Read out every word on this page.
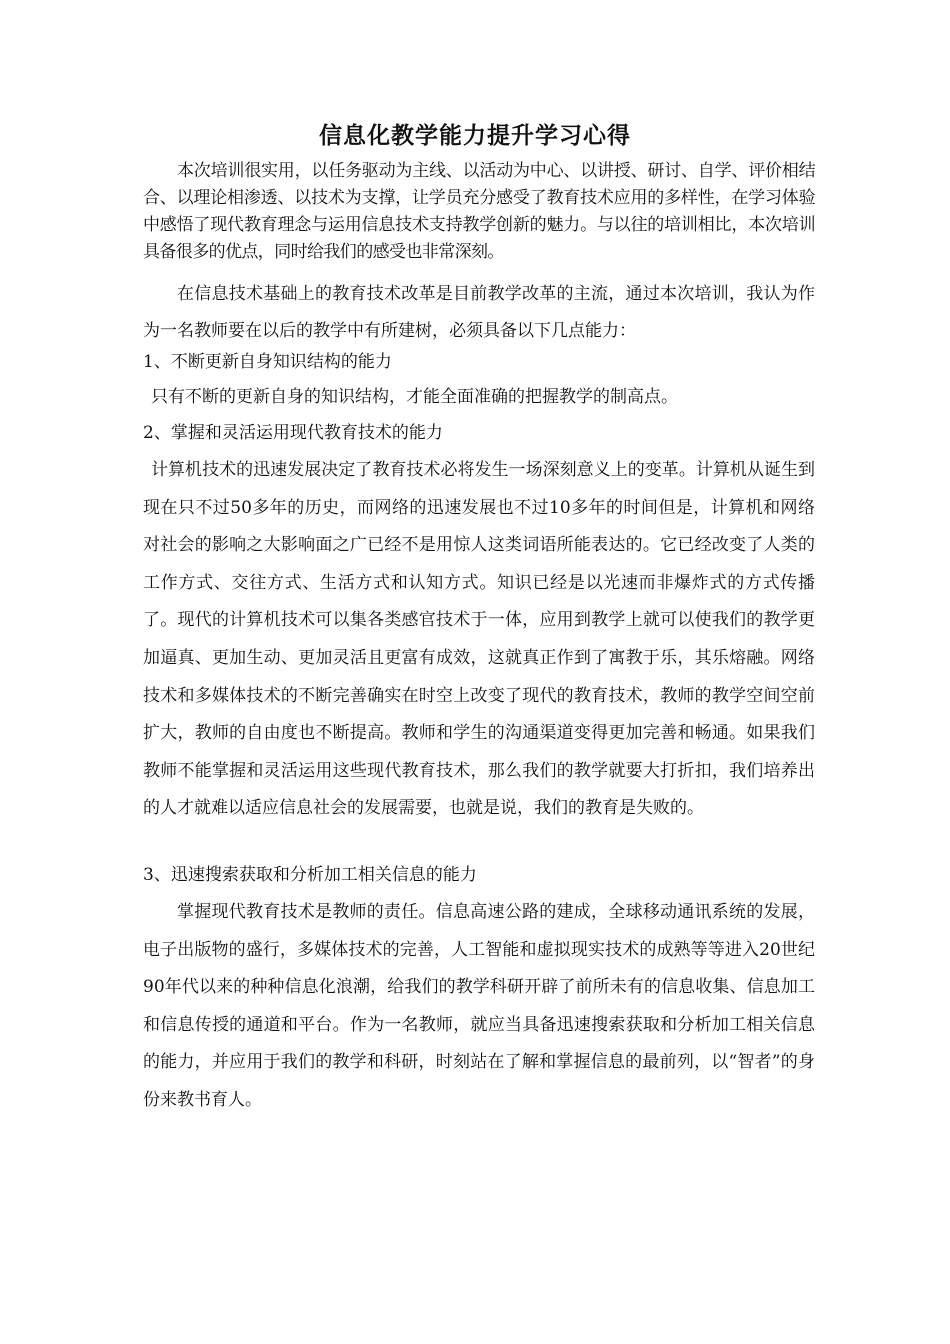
信息化教学能力提升学习心得
本次培训很实用，以任务驱动为主线、以活动为中心、以讲授、研讨、自学、评价相结合、以理论相渗透、以技术为支撑，让学员充分感受了教育技术应用的多样性，在学习体验中感悟了现代教育理念与运用信息技术支持教学创新的魅力。与以往的培训相比，本次培训具备很多的优点，同时给我们的感受也非常深刻。
在信息技术基础上的教育技术改革是目前教学改革的主流，通过本次培训，我认为作为一名教师要在以后的教学中有所建树，必须具备以下几点能力：
1、不断更新自身知识结构的能力
只有不断的更新自身的知识结构，才能全面准确的把握教学的制高点。
2、掌握和灵活运用现代教育技术的能力
计算机技术的迅速发展决定了教育技术必将发生一场深刻意义上的变革。计算机从诞生到现在只不过50多年的历史，而网络的迅速发展也不过10多年的时间但是，计算机和网络对社会的影响之大影响面之广已经不是用惊人这类词语所能表达的。它已经改变了人类的工作方式、交往方式、生活方式和认知方式。知识已经是以光速而非爆炸式的方式传播了。现代的计算机技术可以集各类感官技术于一体，应用到教学上就可以使我们的教学更加逼真、更加生动、更加灵活且更富有成效，这就真正作到了寓教于乐，其乐熔融。网络技术和多媒体技术的不断完善确实在时空上改变了现代的教育技术，教师的教学空间空前扩大，教师的自由度也不断提高。教师和学生的沟通渠道变得更加完善和畅通。如果我们教师不能掌握和灵活运用这些现代教育技术，那么我们的教学就要大打折扣，我们培养出的人才就难以适应信息社会的发展需要，也就是说，我们的教育是失败的。
3、迅速搜索获取和分析加工相关信息的能力
掌握现代教育技术是教师的责任。信息高速公路的建成，全球移动通讯系统的发展，电子出版物的盛行，多媒体技术的完善，人工智能和虚拟现实技术的成熟等等进入20世纪90年代以来的种种信息化浪潮，给我们的教学科研开辟了前所未有的信息收集、信息加工和信息传授的通道和平台。作为一名教师，就应当具备迅速搜索获取和分析加工相关信息的能力，并应用于我们的教学和科研，时刻站在了解和掌握信息的最前列，以“智者”的身份来教书育人。
